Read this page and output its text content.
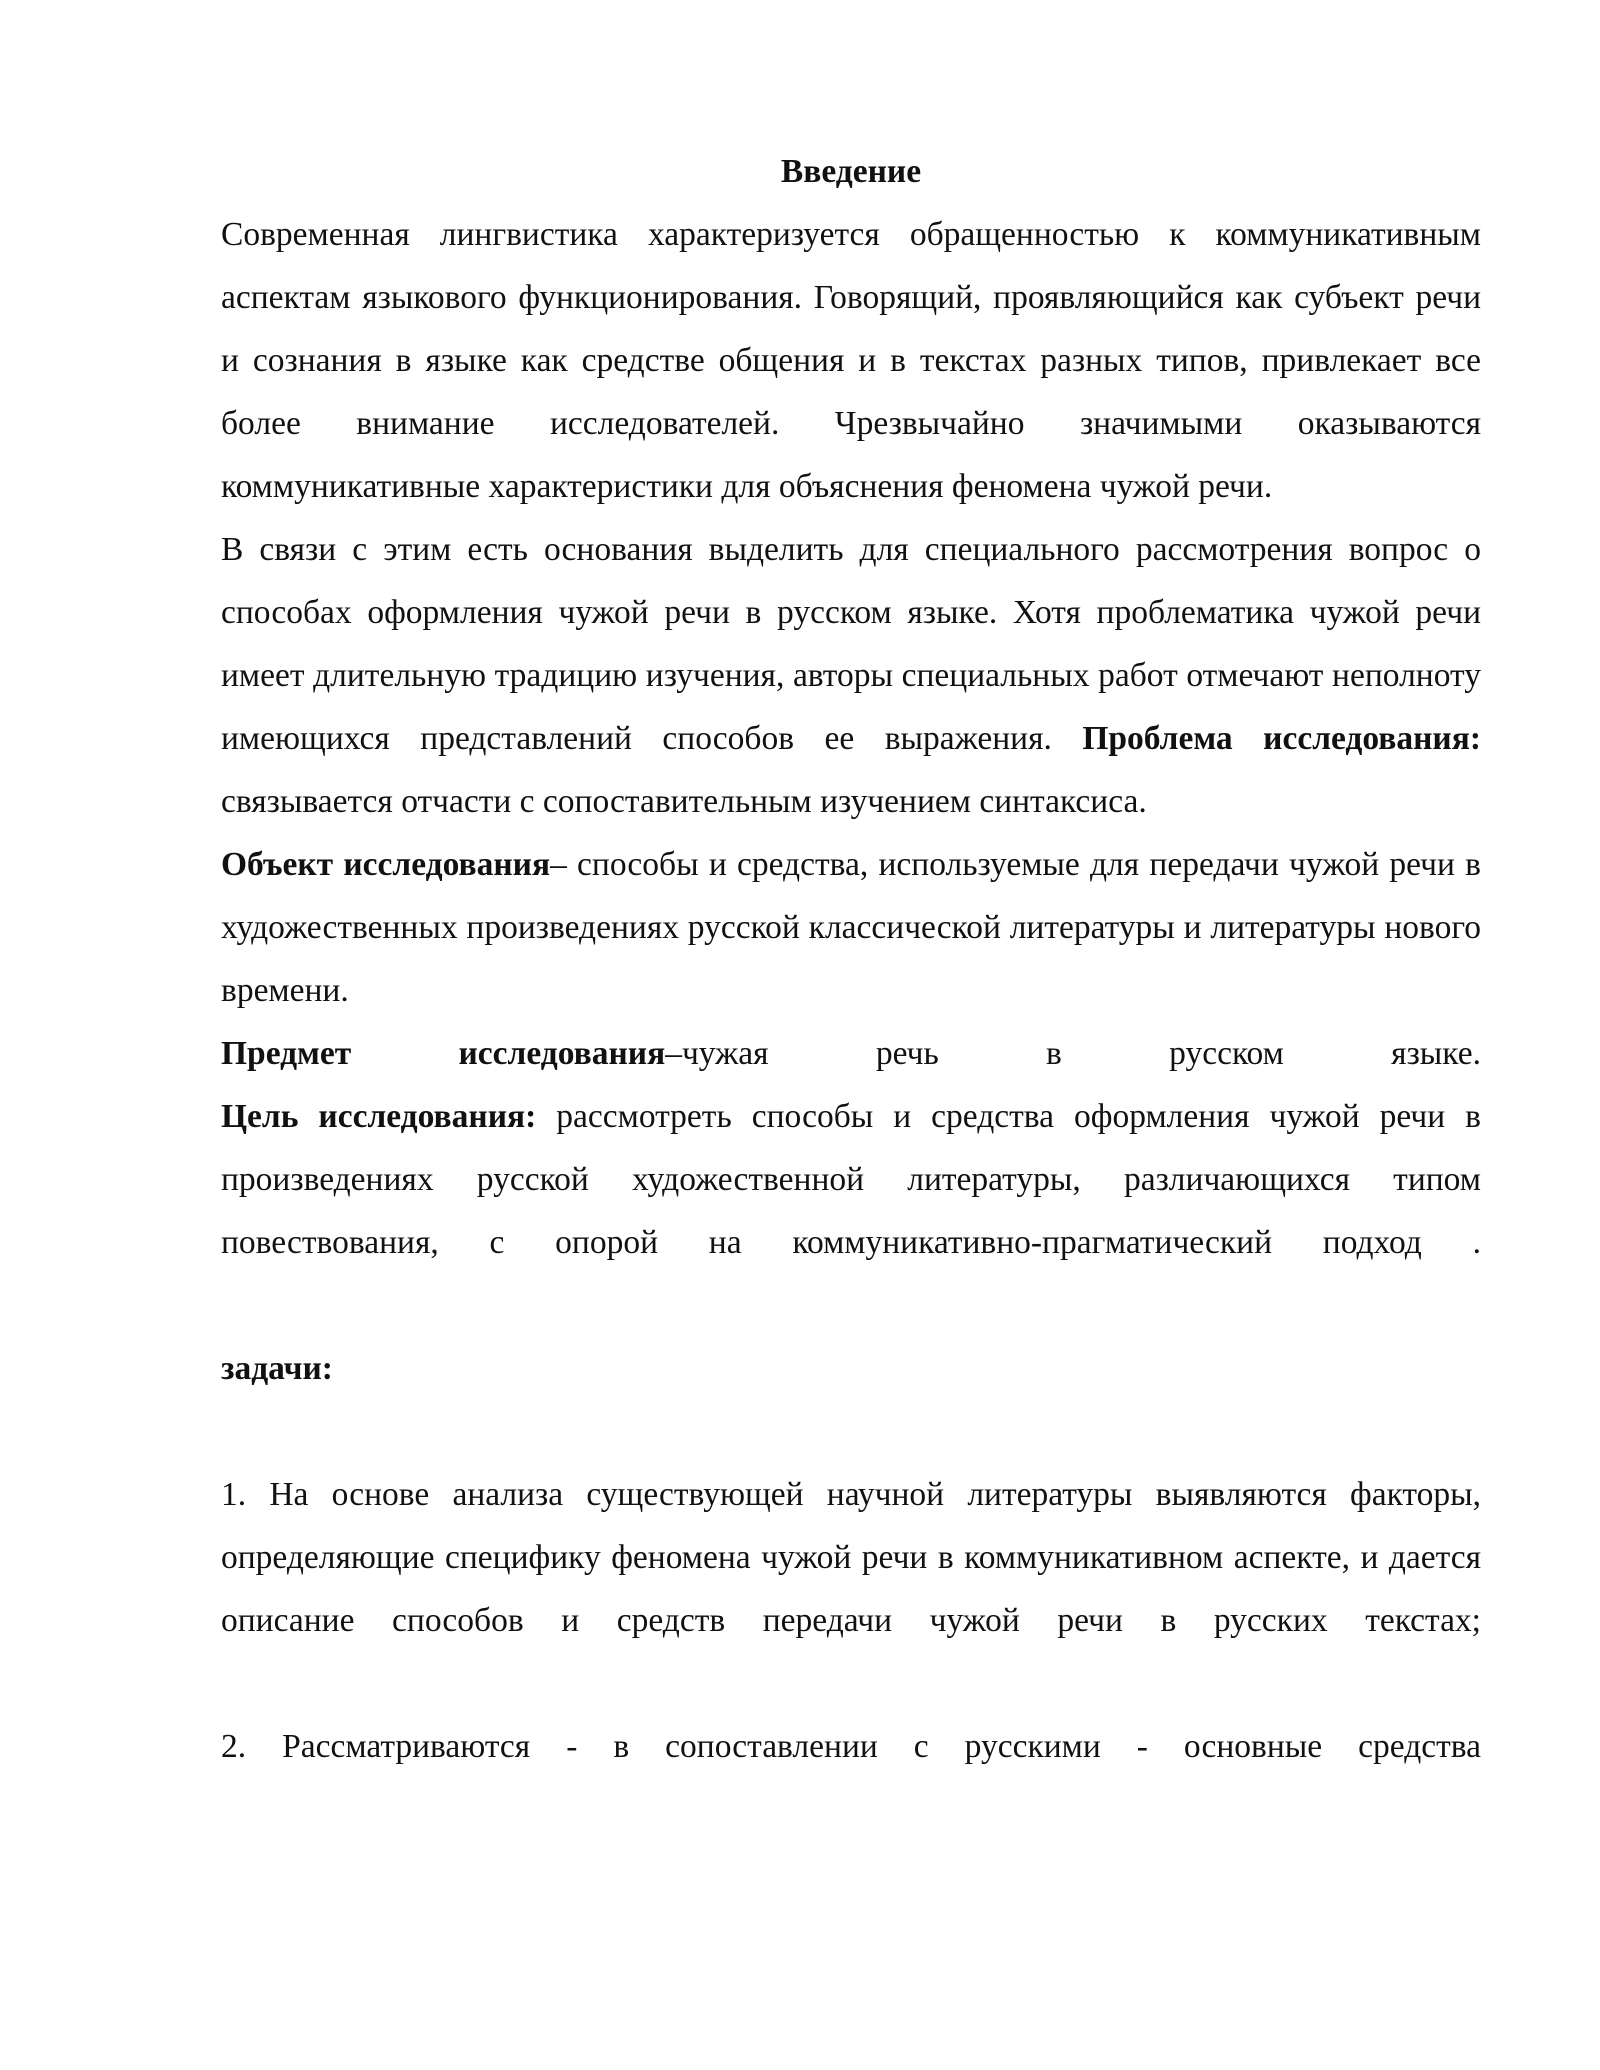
Введение

Современная лингвистика характеризуется обращенностью к коммуникативным аспектам языкового функционирования. Говорящий, проявляющийся как субъект речи и сознания в языке как средстве общения и в текстах разных типов, привлекает все более внимание исследователей. Чрезвычайно значимыми оказываются коммуникативные характеристики для объяснения феномена чужой речи.

В связи с этим есть основания выделить для специального рассмотрения вопрос о способах оформления чужой речи в русском языке. Хотя проблематика чужой речи имеет длительную традицию изучения, авторы специальных работ отмечают неполноту имеющихся представлений способов ее выражения. Проблема исследования: связывается отчасти с сопоставительным изучением синтаксиса.

Объект исследования– способы и средства, используемые для передачи чужой речи в художественных произведениях русской классической литературы и литературы нового времени.

Предмет исследования–чужая речь в русском языке.

Цель исследования: рассмотреть способы и средства оформления чужой речи в произведениях русской художественной литературы, различающихся типом повествования, с опорой на коммуникативно-прагматический подход .

задачи:

1. На основе анализа существующей научной литературы выявляются факторы, определяющие специфику феномена чужой речи в коммуникативном аспекте, и дается описание способов и средств передачи чужой речи в русских текстах;

2. Рассматриваются - в сопоставлении с русскими - основные средства
